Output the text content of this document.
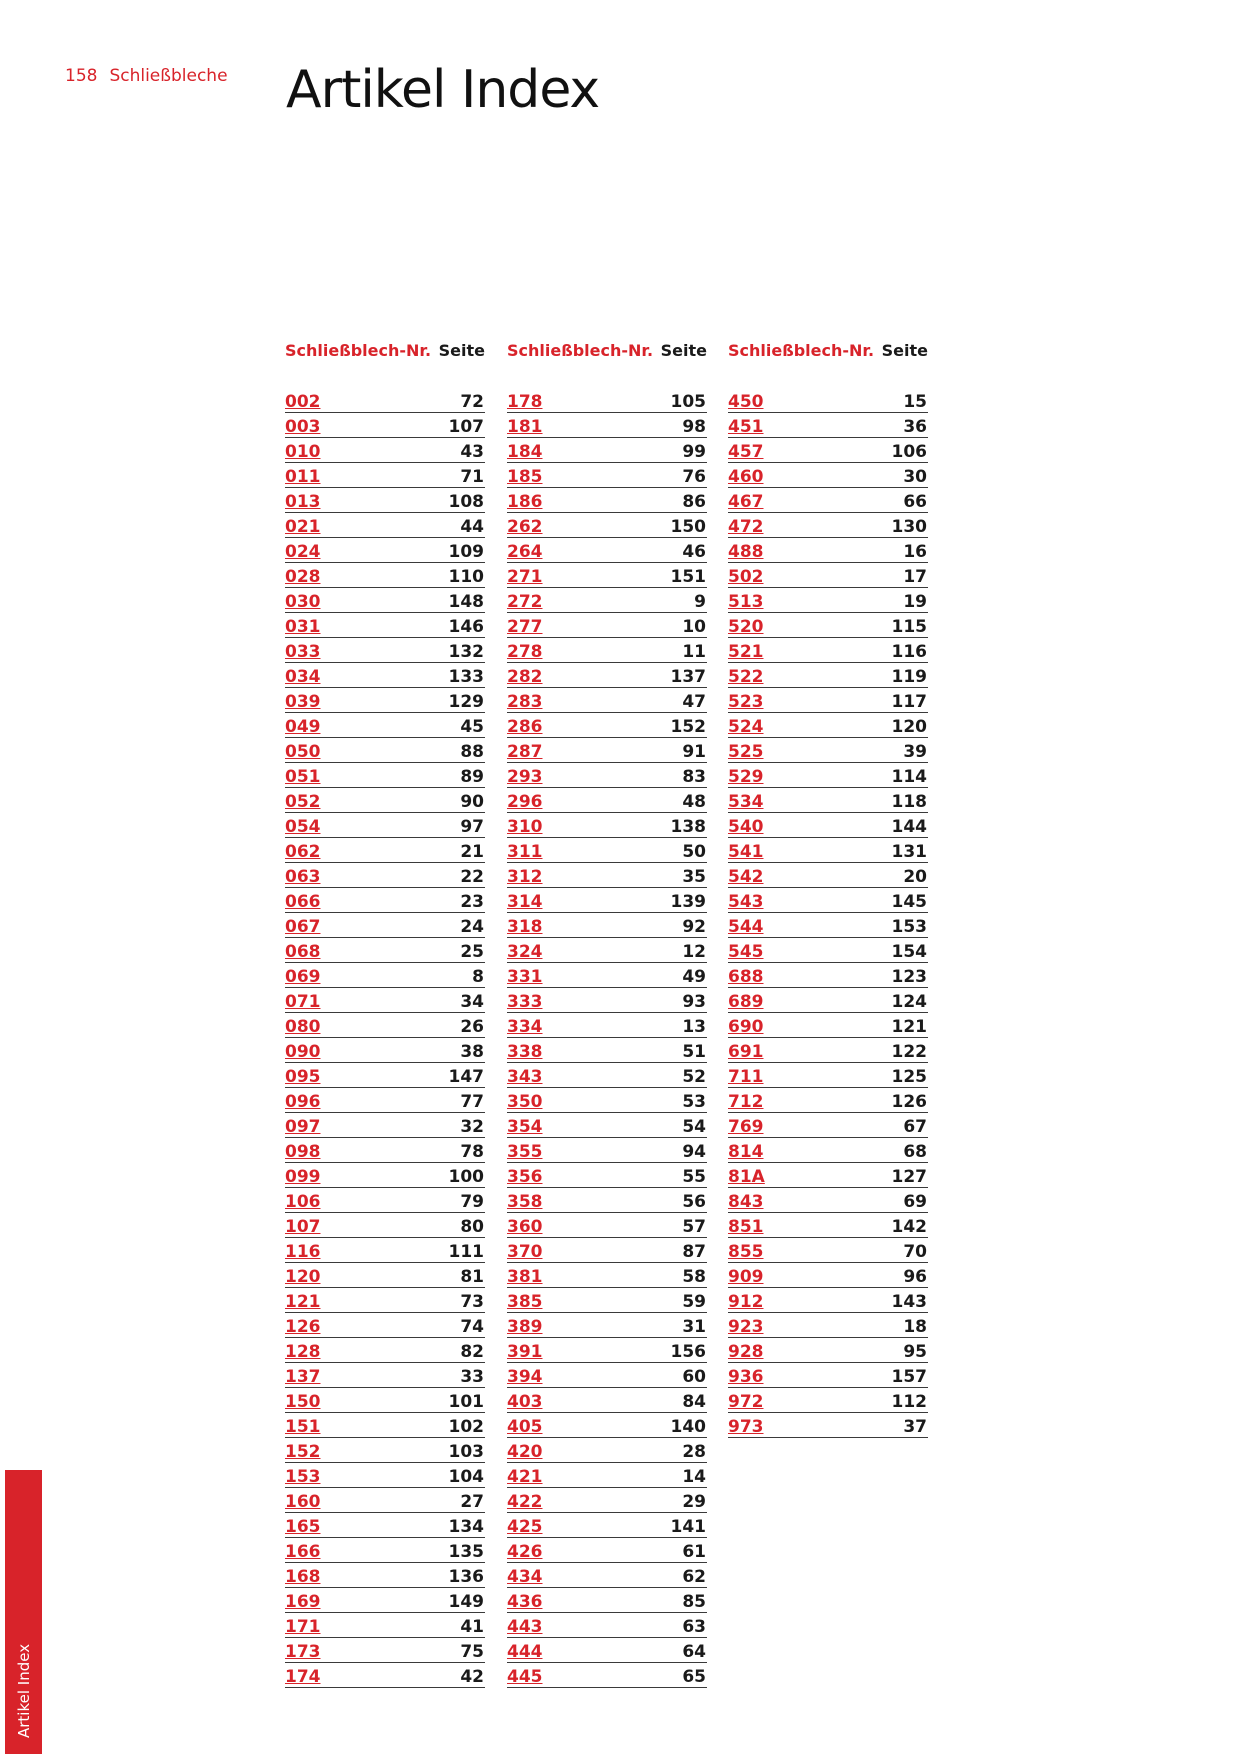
158 Schließbleche Artikel Index
Schließblech-Nr. Seite
002	72
003	107
010	43
011	71
013	108
021	44
024	109
028	110
030	148
031	146
033	132
034	133
039	129
049	45
050	88
051	89
052	90
054	97
062	21
063	22
066	23
067	24
068	25
069	8
071	34
080	26
090	38
095	147
096	77
097	32
098	78
099	100
106	79
107	80
116	111
120	81
121	73
126	74
128	82
137	33
150	101
151	102
152	103
153	104
160	27
165	134
166	135
168	136
169	149
171	41
173	75
174	42
Schließblech-Nr. Seite
178	105
181	98
184	99
185	76
186	86
262	150
264	46
271	151
272	9
277	10
278	11
282	137
283	47
286	152
287	91
293	83
296	48
310	138
311	50
312	35
314	139
318	92
324	12
331	49
333	93
334	13
338	51
343	52
350	53
354	54
355	94
356	55
358	56
360	57
370	87
381	58
385	59
389	31
391	156
394	60
403	84
405	140
420	28
421	14
422	29
425	141
426	61
434	62
436	85
443	63
444	64
445	65
Schließblech-Nr. Seite
450	15
451	36
457	106
460	30
467	66
472	130
488	16
502	17
513	19
520	115
521	116
522	119
523	117
524	120
525	39
529	114
534	118
540	144
541	131
542	20
543	145
544	153
545	154
688	123
689	124
690	121
691	122
711	125
712	126
769	67
814	68
81A	127
843	69
851	142
855	70
909	96
912	143
923	18
928	95
936	157
972	112
973	37
Artikel Index
